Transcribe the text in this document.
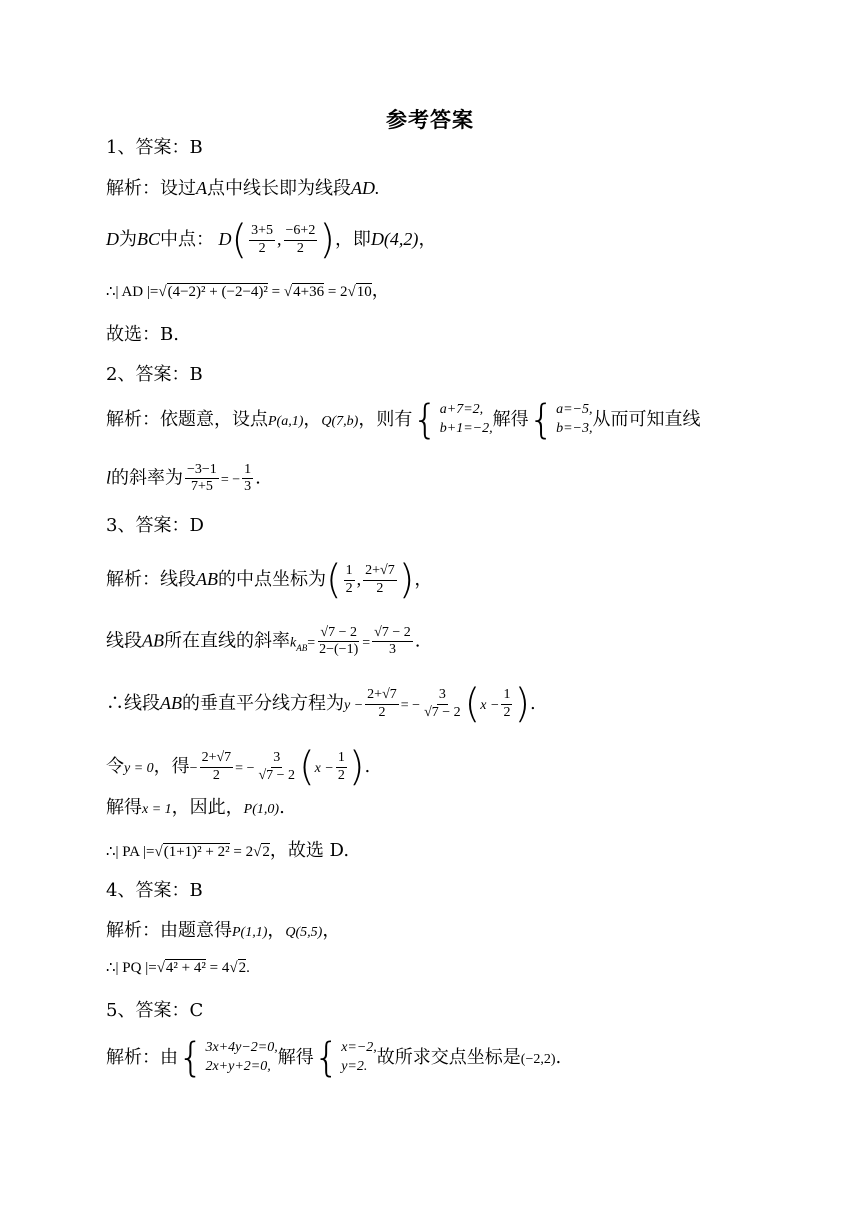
参考答案
1、答案：B
解析：设过A点中线长即为线段AD.
D为BC中点： $D( \frac{3+5}{2}$ , $\frac{-6+2}{2}$ )，即D(4,2)，
∴| AD |=√(4−2)² + (−2−4)² = √4+36 = 2√10，
故选：B.
2、答案：B
解析：依题意，设点P(a,1)，Q(7,b)，则有 { a+7=2,
b+1=−2, 解得 { a=−5,
b=−3, 从而可知直线
l的斜率为 $\frac{-3-1}{7+5}$ = − $\frac{1}{3}$ .
3、答案：D
解析：线段AB的中点坐标为( $\frac{1}{2}$ , $\frac{2+√7}{2}$ )，
线段AB所在直线的斜率$k_{AB}= \frac{√7 - 2}{2-(-1)} = \frac{√7 - 2}{3}$ .
∴线段AB的垂直平分线方程为$y - \frac{2+√7}{2}$ = − $\frac{3}{√7 - 2} (x - \frac{1}{2}$ ).
令y = 0，得− $\frac{2+√7}{2}$ = − $\frac{3}{√7 - 2} (x - \frac{1}{2}$ ).
解得x = 1，因此，P(1,0).
∴| PA |=√(1+1)² + 2² = 2√2，故选 D.
4、答案：B
解析：由题意得P(1,1)，Q(5,5)，
∴| PQ |=√4² + 4² = 4√2.
5、答案：C
解析：由 { 3x+4y−2=0,
2x+y+2=0, 解得 { x=−2,
y=2. 故所求交点坐标是(−2,2).
